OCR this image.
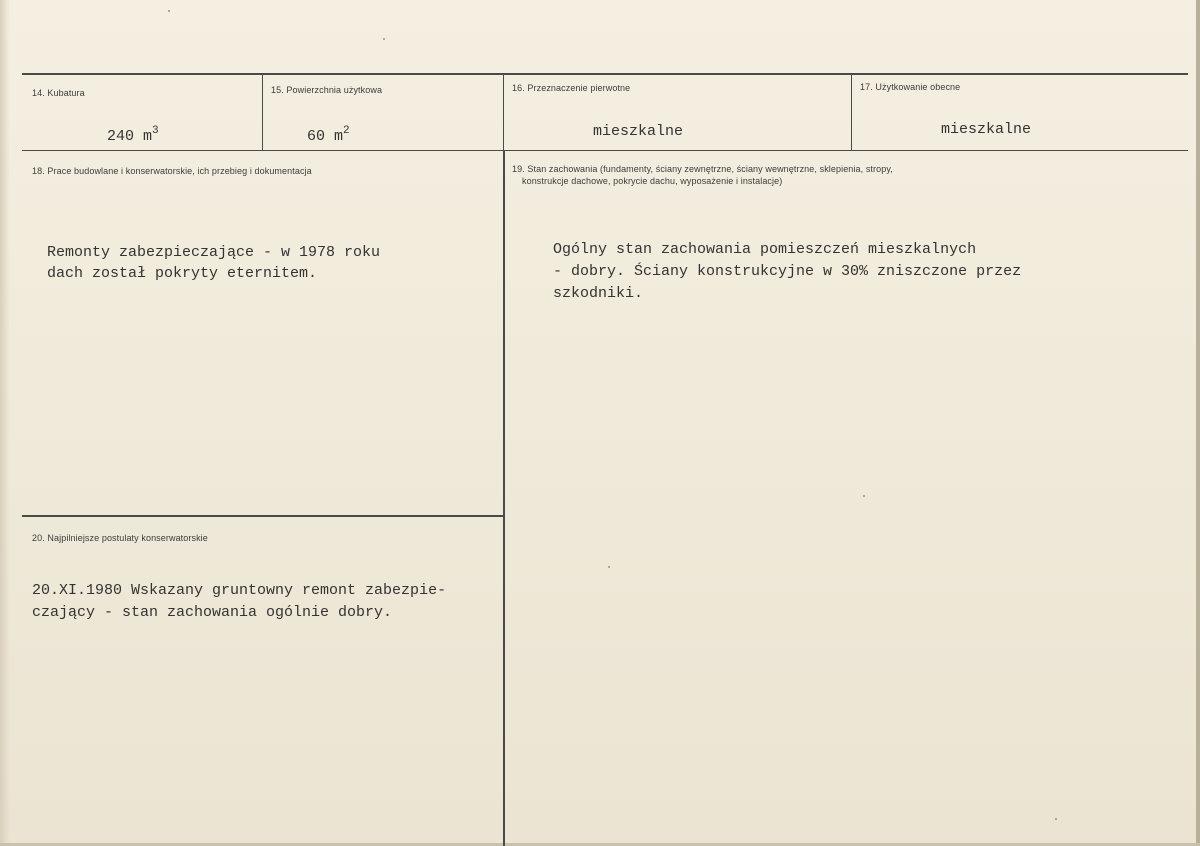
14. Kubatura
240 $m^3$
15. Powierzchnia użytkowa
60 $m^2$
16. Przeznaczenie pierwotne
mieszkalne
17. Użytkowanie obecne
mieszkalne
18. Prace budowlane i konserwatorskie, ich przebieg i dokumentacja
Remonty zabezpieczające - w 1978 roku
dach został pokryty eternitem.
19. Stan zachowania (fundamenty, ściany zewnętrzne, ściany wewnętrzne, sklepienia, stropy,
konstrukcje dachowe, pokrycie dachu, wyposażenie i instalacje)
Ogólny stan zachowania pomieszczeń mieszkalnych
- dobry. Ściany konstrukcyjne w 30% zniszczone przez
szkodniki.
20. Najpilniejsze postulaty konserwatorskie
20.XI.1980 Wskazany gruntowny remont zabezpie-
czający - stan zachowania ogólnie dobry.
